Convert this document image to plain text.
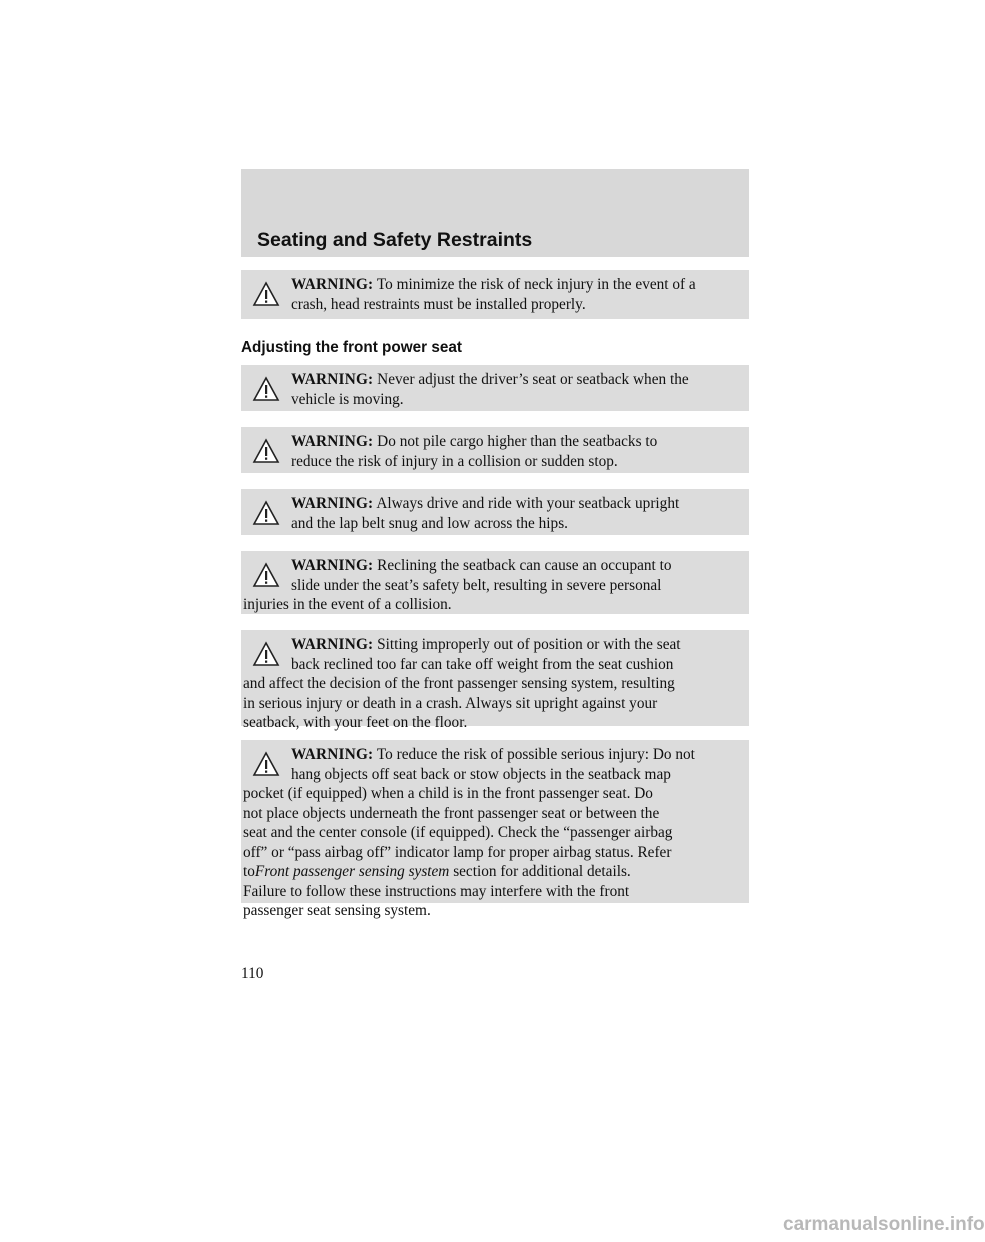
Seating and Safety Restraints
WARNING: To minimize the risk of neck injury in the event of a
crash, head restraints must be installed properly.
Adjusting the front power seat
WARNING: Never adjust the driver’s seat or seatback when the
vehicle is moving.
WARNING: Do not pile cargo higher than the seatbacks to
reduce the risk of injury in a collision or sudden stop.
WARNING: Always drive and ride with your seatback upright
and the lap belt snug and low across the hips.
WARNING: Reclining the seatback can cause an occupant to
slide under the seat’s safety belt, resulting in severe personal
injuries in the event of a collision.
WARNING: Sitting improperly out of position or with the seat
back reclined too far can take off weight from the seat cushion
and affect the decision of the front passenger sensing system, resulting
in serious injury or death in a crash. Always sit upright against your
seatback, with your feet on the floor.
WARNING: To reduce the risk of possible serious injury: Do not
hang objects off seat back or stow objects in the seatback map
pocket (if equipped) when a child is in the front passenger seat. Do
not place objects underneath the front passenger seat or between the
seat and the center console (if equipped). Check the “passenger airbag
off” or “pass airbag off” indicator lamp for proper airbag status. Refer
toFront passenger sensing system section for additional details.
Failure to follow these instructions may interfere with the front
passenger seat sensing system.
110
carmanualsonline.info
